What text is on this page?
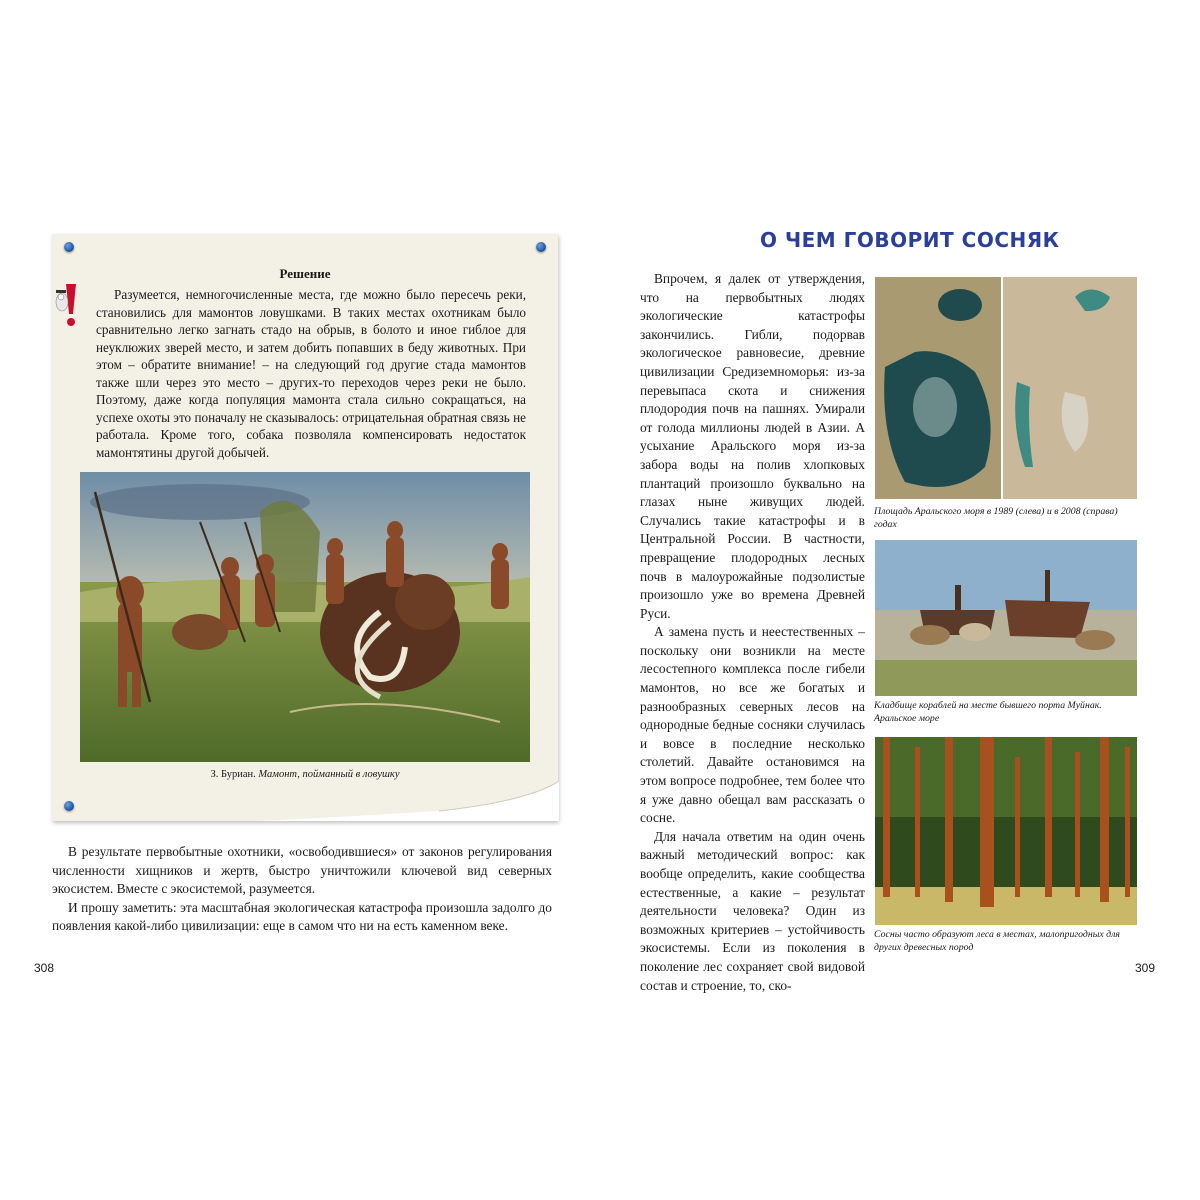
Решение
Разумеется, немногочисленные места, где можно было пересечь реки, становились для мамонтов ловушками. В таких местах охотникам было сравнительно легко загнать стадо на обрыв, в болото и иное гиблое для неуклюжих зверей место, и затем добить попавших в беду животных. При этом – обратите внимание! – на следующий год другие стада мамонтов также шли через это место – других-то переходов через реки не было. Поэтому, даже когда популяция мамонта стала сильно сокращаться, на успехе охоты это поначалу не сказывалось: отрицательная обратная связь не работала. Кроме того, собака позволяла компенсировать недостаток мамонтятины другой добычей.
З. Буриан. Мамонт, пойманный в ловушку

В результате первобытные охотники, «освободившиеся» от законов регулирования численности хищников и жертв, быстро уничтожили ключевой вид северных экосистем. Вместе с экосистемой, разумеется.

И прошу заметить: эта масштабная экологическая катастрофа произошла задолго до появления какой-либо цивилизации: еще в самом что ни на есть каменном веке.

308
О ЧЕМ ГОВОРИТ СОСНЯК

Впрочем, я далек от утверждения, что на первобытных людях экологические катастрофы закончились. Гибли, подорвав экологическое равновесие, древние цивилизации Средиземноморья: из-за перевыпаса скота и снижения плодородия почв на пашнях. Умирали от голода миллионы людей в Азии. А усыхание Аральского моря из-за забора воды на полив хлопковых плантаций произошло буквально на глазах ныне живущих людей. Случались такие катастрофы и в Центральной России. В частности, превращение плодородных лесных почв в малоурожайные подзолистые произошло уже во времена Древней Руси.

А замена пусть и неестественных – поскольку они возникли на месте лесостепного комплекса после гибели мамонтов, но все же богатых и разнообразных северных лесов на однородные бедные сосняки случилась и вовсе в последние несколько столетий. Давайте остановимся на этом вопросе подробнее, тем более что я уже давно обещал вам рассказать о сосне.

Для начала ответим на один очень важный методический вопрос: как вообще определить, какие сообщества естественные, а какие – результат деятельности человека? Один из возможных критериев – устойчивость экосистемы. Если из поколения в поколение лес сохраняет свой видовой состав и строение, то, ско-

Площадь Аральского моря в 1989 (слева) и в 2008 (справа) годах
Кладбище кораблей на месте бывшего порта Муйнак. Аральское море
Сосны часто образуют леса в местах, малопригодных для других древесных пород
309
